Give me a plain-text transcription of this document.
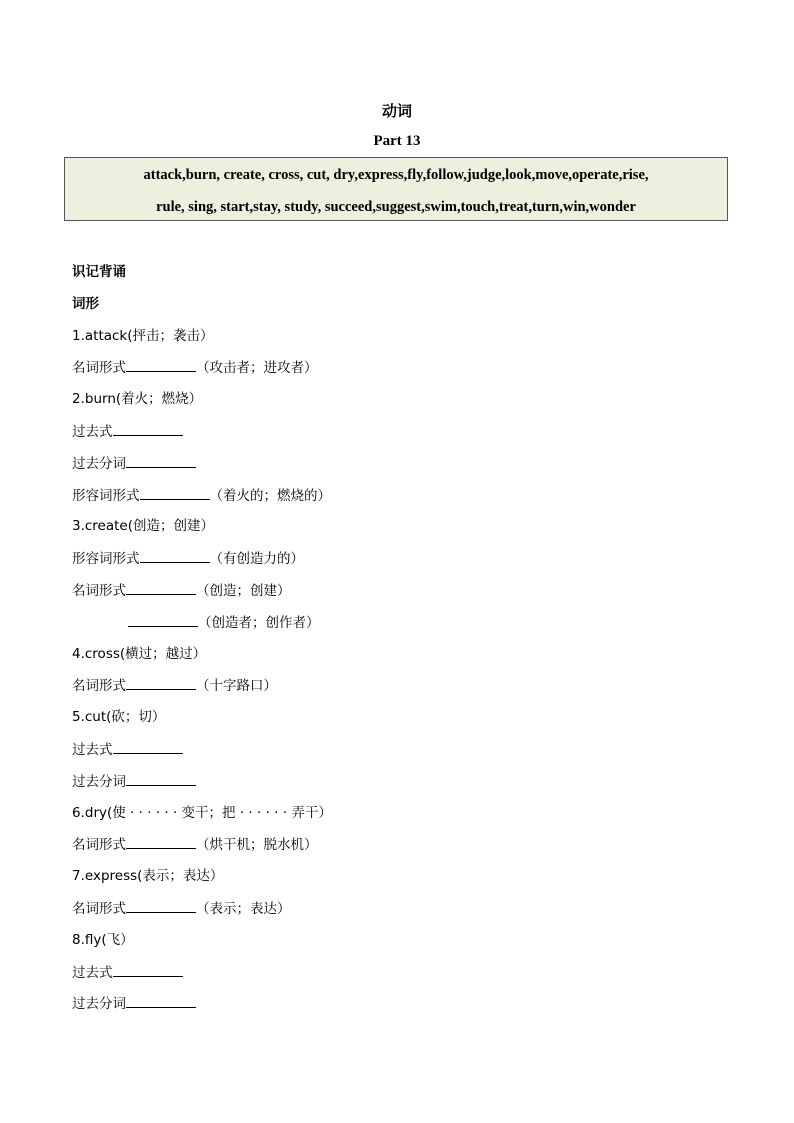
动词
Part 13
attack,burn, create, cross, cut, dry,express,fly,follow,judge,look,move,operate,rise,
rule, sing, start,stay, study, succeed,suggest,swim,touch,treat,turn,win,wonder
识记背诵
词形
1.attack(抨击；袭击）
名词形式	（攻击者；进攻者）
2.burn(着火；燃烧）
过去式
过去分词
形容词形式	（着火的；燃烧的）
3.create(创造；创建）
形容词形式	（有创造力的）
名词形式	（创造；创建）
（创造者；创作者）
4.cross(横过；越过）
名词形式	（十字路口）
5.cut(砍；切）
过去式
过去分词
6.dry(使 · · · · · · 变干；把 · · · · · · 弄干）
名词形式	（烘干机；脱水机）
7.express(表示；表达）
名词形式	（表示；表达）
8.fly(飞）
过去式
过去分词
